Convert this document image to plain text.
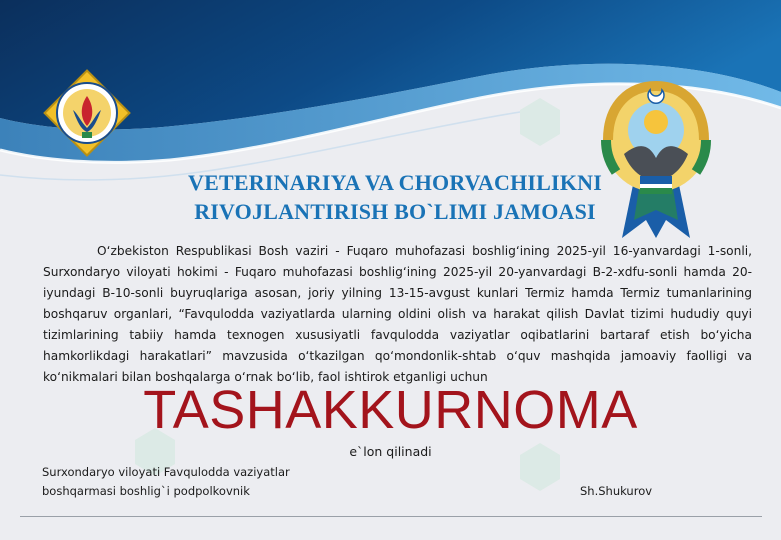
VETERINARIYA VA CHORVACHILIKNI
RIVOJLANTIRISH BO`LIMI JAMOASI
O‘zbekiston Respublikasi Bosh vaziri - Fuqaro muhofazasi boshlig‘ining 2025-yil 16-yanvardagi 1-sonli, Surxondaryo viloyati hokimi - Fuqaro muhofazasi boshlig‘ining 2025-yil 20-yanvardagi B-2-xdfu-sonli hamda 20-iyundagi B-10-sonli buyruqlariga asosan, joriy yilning 13-15-avgust kunlari Termiz hamda Termiz tumanlarining boshqaruv organlari, “Favqulodda vaziyatlarda ularning oldini olish va harakat qilish Davlat tizimi hududiy quyi tizimlarining tabiiy hamda texnogen xususiyatli favqulodda vaziyatlar oqibatlarini bartaraf etish bo‘yicha hamkorlikdagi harakatlari” mavzusida o‘tkazilgan qo‘mondonlik-shtab o‘quv mashqida jamoaviy faolligi va ko‘nikmalari bilan boshqalarga o‘rnak bo‘lib, faol ishtirok etganligi uchun
TASHAKKURNOMA
e`lon qilinadi
Surxondaryo viloyati Favqulodda vaziyatlar
boshqarmasi boshlig`i podpolkovnik	Sh.Shukurov
